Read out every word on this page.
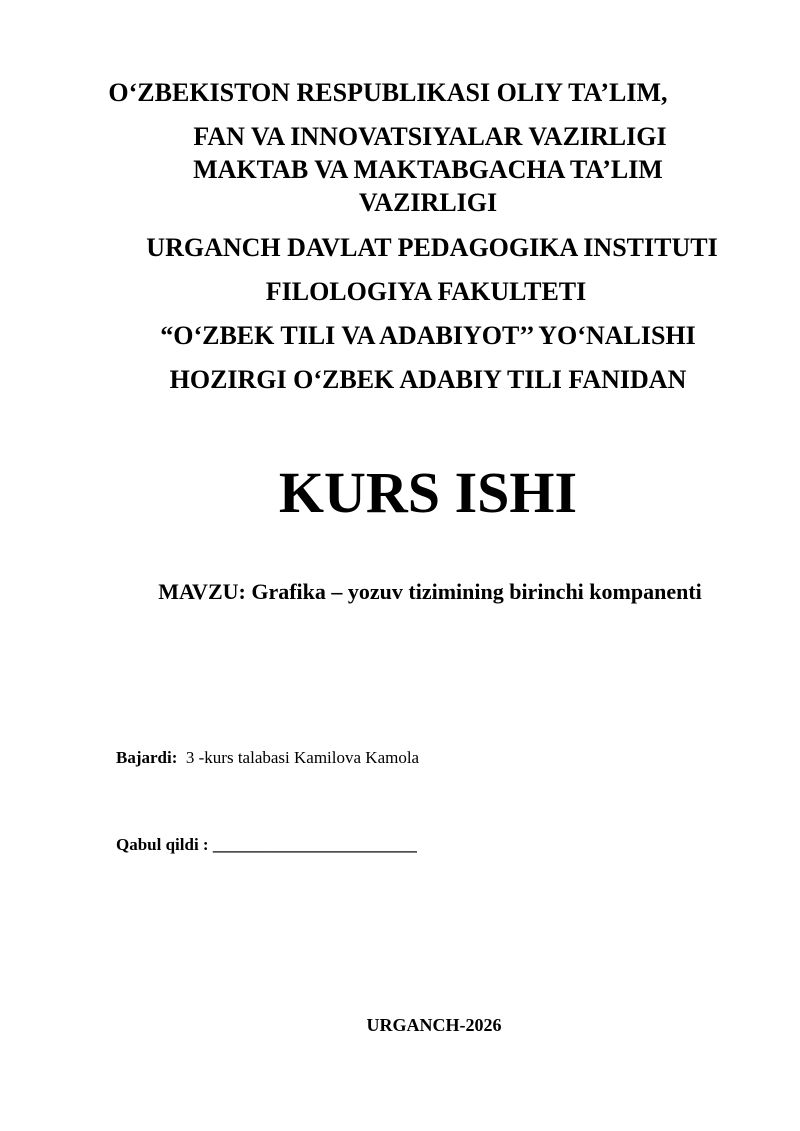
O‘ZBEKISTON RESPUBLIKASI OLIY TA’LIM,
FAN VA INNOVATSIYALAR VAZIRLIGI
MAKTAB VA MAKTABGACHA TA’LIM
VAZIRLIGI
URGANCH DAVLAT PEDAGOGIKA INSTITUTI
FILOLOGIYA FAKULTETI
“O‘ZBEK TILI VA ADABIYOT’’ YO‘NALISHI
HOZIRGI O‘ZBEK ADABIY TILI FANIDAN
KURS ISHI
MAVZU: Grafika – yozuv tizimining birinchi kompanenti
Bajardi: 3 -kurs talabasi Kamilova Kamola
Qabul qildi : ________________________
URGANCH-2026
